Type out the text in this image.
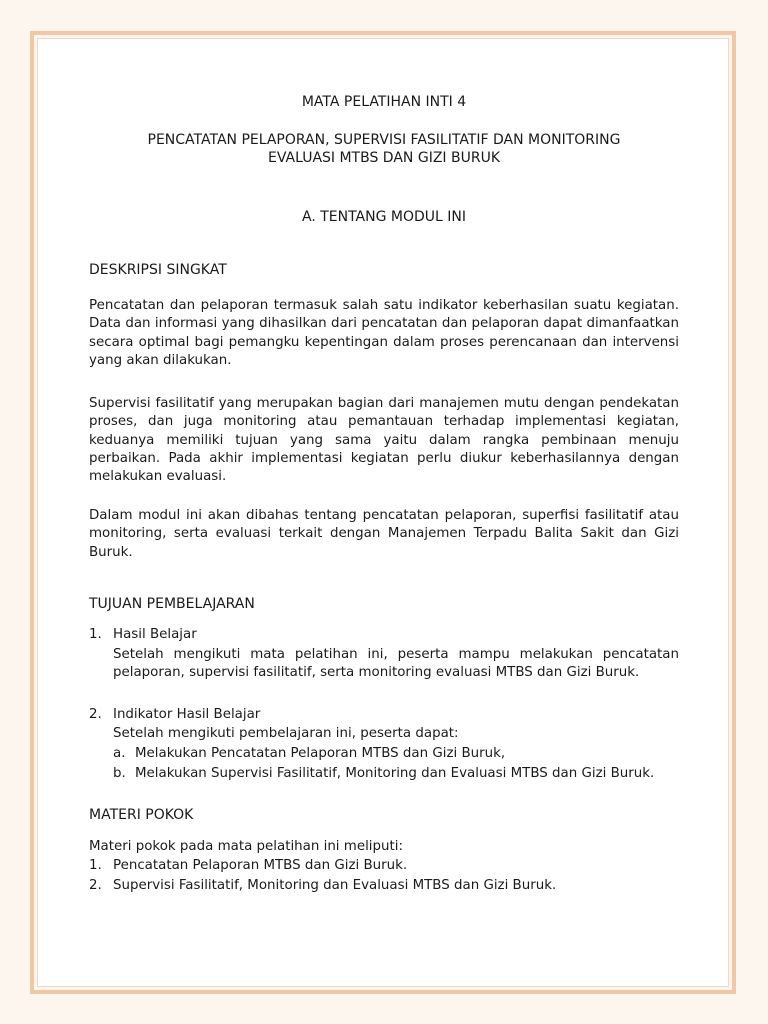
MATA PELATIHAN INTI 4
PENCATATAN PELAPORAN, SUPERVISI FASILITATIF DAN MONITORING
EVALUASI MTBS DAN GIZI BURUK
A. TENTANG MODUL INI
DESKRIPSI SINGKAT
Pencatatan dan pelaporan termasuk salah satu indikator keberhasilan suatu kegiatan. Data dan informasi yang dihasilkan dari pencatatan dan pelaporan dapat dimanfaatkan secara optimal bagi pemangku kepentingan dalam proses perencanaan dan intervensi yang akan dilakukan.
Supervisi fasilitatif yang merupakan bagian dari manajemen mutu dengan pendekatan proses, dan juga monitoring atau pemantauan terhadap implementasi kegiatan, keduanya memiliki tujuan yang sama yaitu dalam rangka pembinaan menuju perbaikan. Pada akhir implementasi kegiatan perlu diukur keberhasilannya dengan melakukan evaluasi.
Dalam modul ini akan dibahas tentang pencatatan pelaporan, superfisi fasilitatif atau monitoring, serta evaluasi terkait dengan Manajemen Terpadu Balita Sakit dan Gizi Buruk.
TUJUAN PEMBELAJARAN
1. Hasil Belajar
Setelah mengikuti mata pelatihan ini, peserta mampu melakukan pencatatan pelaporan, supervisi fasilitatif, serta monitoring evaluasi MTBS dan Gizi Buruk.
2. Indikator Hasil Belajar
Setelah mengikuti pembelajaran ini, peserta dapat:
a. Melakukan Pencatatan Pelaporan MTBS dan Gizi Buruk,
b. Melakukan Supervisi Fasilitatif, Monitoring dan Evaluasi MTBS dan Gizi Buruk.
MATERI POKOK
Materi pokok pada mata pelatihan ini meliputi:
1. Pencatatan Pelaporan MTBS dan Gizi Buruk.
2. Supervisi Fasilitatif, Monitoring dan Evaluasi MTBS dan Gizi Buruk.
